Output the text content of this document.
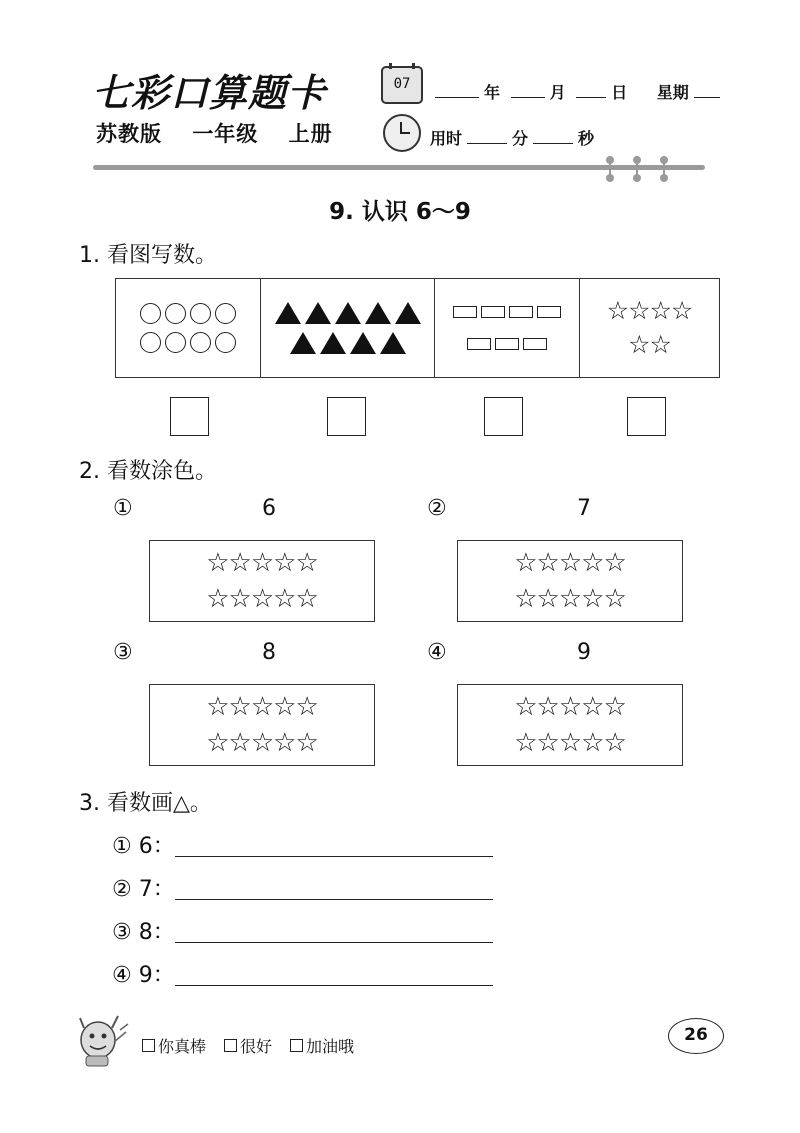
七彩口算题卡
苏教版 一年级 上册
07	年	月	日 星期
用时	分	秒
9. 认识 6～9
1. 看图写数。
☆☆☆☆
☆☆
2. 看数涂色。
①	6
☆☆☆☆☆
☆☆☆☆☆
②	7
☆☆☆☆☆
☆☆☆☆☆
③	8
☆☆☆☆☆
☆☆☆☆☆
④	9
☆☆☆☆☆
☆☆☆☆☆
3. 看数画△。
① 6：
② 7：
③ 8：
④ 9：
你真棒 很好 加油哦
26
